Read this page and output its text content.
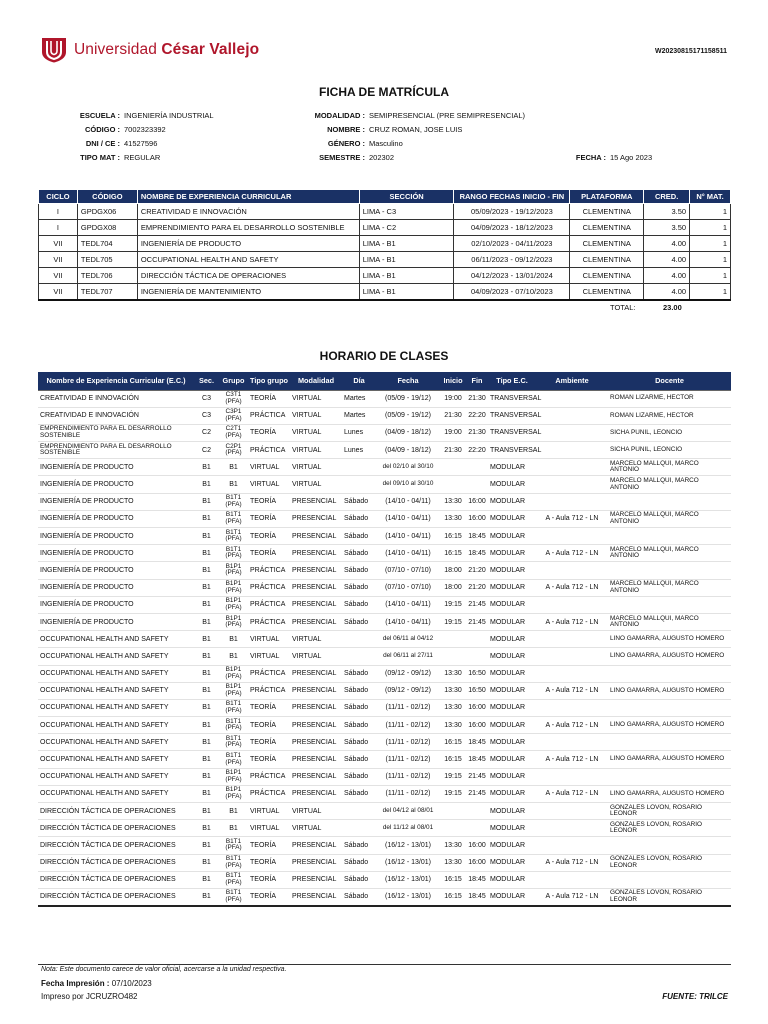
Universidad César Vallejo	W20230815171158511
FICHA DE MATRÍCULA
ESCUELA : INGENIERÍA INDUSTRIAL
CÓDIGO : 7002323392
DNI / CE : 41527596
TIPO MAT : REGULAR
MODALIDAD : SEMIPRESENCIAL (PRE SEMIPRESENCIAL)
NOMBRE : CRUZ ROMAN, JOSE LUIS
GÉNERO : Masculino
SEMESTRE : 202302	FECHA : 15 Ago 2023
CICLO	CÓDIGO	NOMBRE DE EXPERIENCIA CURRICULAR	SECCIÓN	RANGO FECHAS INICIO - FIN	PLATAFORMA	CRED.	N° MAT.
I	GPDGX06	CREATIVIDAD E INNOVACIÓN	LIMA - C3	05/09/2023 - 19/12/2023	CLEMENTINA	3.50	1
I	GPDGX08	EMPRENDIMIENTO PARA EL DESARROLLO SOSTENIBLE	LIMA - C2	04/09/2023 - 18/12/2023	CLEMENTINA	3.50	1
VII	TEDL704	INGENIERÍA DE PRODUCTO	LIMA - B1	02/10/2023 - 04/11/2023	CLEMENTINA	4.00	1
VII	TEDL705	OCCUPATIONAL HEALTH AND SAFETY	LIMA - B1	06/11/2023 - 09/12/2023	CLEMENTINA	4.00	1
VII	TEDL706	DIRECCIÓN TÁCTICA DE OPERACIONES	LIMA - B1	04/12/2023 - 13/01/2024	CLEMENTINA	4.00	1
VII	TEDL707	INGENIERÍA DE MANTENIMIENTO	LIMA - B1	04/09/2023 - 07/10/2023	CLEMENTINA	4.00	1
TOTAL:	23.00
HORARIO DE CLASES
Nombre de Experiencia Curricular (E.C.)	Sec.	Grupo	Tipo grupo	Modalidad	Día	Fecha	Inicio	Fin	Tipo E.C.	Ambiente	Docente
CREATIVIDAD E INNOVACIÓN	C3	C3T1 (PFA)	TEORÍA	VIRTUAL	Martes	(05/09 - 19/12)	19:00	21:30	TRANSVERSAL		ROMAN LIZARME, HECTOR
CREATIVIDAD E INNOVACIÓN	C3	C3P1 (PFA)	PRÁCTICA	VIRTUAL	Martes	(05/09 - 19/12)	21:30	22:20	TRANSVERSAL		ROMAN LIZARME, HECTOR
EMPRENDIMIENTO PARA EL DESARROLLO SOSTENIBLE	C2	C2T1 (PFA)	TEORÍA	VIRTUAL	Lunes	(04/09 - 18/12)	19:00	21:30	TRANSVERSAL		SICHA PUNIL, LEONCIO
EMPRENDIMIENTO PARA EL DESARROLLO SOSTENIBLE	C2	C2P1 (PFA)	PRÁCTICA	VIRTUAL	Lunes	(04/09 - 18/12)	21:30	22:20	TRANSVERSAL		SICHA PUNIL, LEONCIO
INGENIERÍA DE PRODUCTO	B1	B1	VIRTUAL	VIRTUAL		del 02/10 al 30/10			MODULAR		MARCELO MALLQUI, MARCO ANTONIO
INGENIERÍA DE PRODUCTO	B1	B1	VIRTUAL	VIRTUAL		del 09/10 al 30/10			MODULAR		MARCELO MALLQUI, MARCO ANTONIO
INGENIERÍA DE PRODUCTO	B1	B1T1 (PFA)	TEORÍA	PRESENCIAL	Sábado	(14/10 - 04/11)	13:30	16:00	MODULAR		
INGENIERÍA DE PRODUCTO	B1	B1T1 (PFA)	TEORÍA	PRESENCIAL	Sábado	(14/10 - 04/11)	13:30	16:00	MODULAR	A - Aula 712 - LN	MARCELO MALLQUI, MARCO ANTONIO
INGENIERÍA DE PRODUCTO	B1	B1T1 (PFA)	TEORÍA	PRESENCIAL	Sábado	(14/10 - 04/11)	16:15	18:45	MODULAR		
INGENIERÍA DE PRODUCTO	B1	B1T1 (PFA)	TEORÍA	PRESENCIAL	Sábado	(14/10 - 04/11)	16:15	18:45	MODULAR	A - Aula 712 - LN	MARCELO MALLQUI, MARCO ANTONIO
INGENIERÍA DE PRODUCTO	B1	B1P1 (PFA)	PRÁCTICA	PRESENCIAL	Sábado	(07/10 - 07/10)	18:00	21:20	MODULAR		
INGENIERÍA DE PRODUCTO	B1	B1P1 (PFA)	PRÁCTICA	PRESENCIAL	Sábado	(07/10 - 07/10)	18:00	21:20	MODULAR	A - Aula 712 - LN	MARCELO MALLQUI, MARCO ANTONIO
INGENIERÍA DE PRODUCTO	B1	B1P1 (PFA)	PRÁCTICA	PRESENCIAL	Sábado	(14/10 - 04/11)	19:15	21:45	MODULAR		
INGENIERÍA DE PRODUCTO	B1	B1P1 (PFA)	PRÁCTICA	PRESENCIAL	Sábado	(14/10 - 04/11)	19:15	21:45	MODULAR	A - Aula 712 - LN	MARCELO MALLQUI, MARCO ANTONIO
OCCUPATIONAL HEALTH AND SAFETY	B1	B1	VIRTUAL	VIRTUAL		del 06/11 al 04/12			MODULAR		LINO GAMARRA, AUGUSTO HOMERO
OCCUPATIONAL HEALTH AND SAFETY	B1	B1	VIRTUAL	VIRTUAL		del 06/11 al 27/11			MODULAR		LINO GAMARRA, AUGUSTO HOMERO
OCCUPATIONAL HEALTH AND SAFETY	B1	B1P1 (PFA)	PRÁCTICA	PRESENCIAL	Sábado	(09/12 - 09/12)	13:30	16:50	MODULAR		
OCCUPATIONAL HEALTH AND SAFETY	B1	B1P1 (PFA)	PRÁCTICA	PRESENCIAL	Sábado	(09/12 - 09/12)	13:30	16:50	MODULAR	A - Aula 712 - LN	LINO GAMARRA, AUGUSTO HOMERO
OCCUPATIONAL HEALTH AND SAFETY	B1	B1T1 (PFA)	TEORÍA	PRESENCIAL	Sábado	(11/11 - 02/12)	13:30	16:00	MODULAR		
OCCUPATIONAL HEALTH AND SAFETY	B1	B1T1 (PFA)	TEORÍA	PRESENCIAL	Sábado	(11/11 - 02/12)	13:30	16:00	MODULAR	A - Aula 712 - LN	LINO GAMARRA, AUGUSTO HOMERO
OCCUPATIONAL HEALTH AND SAFETY	B1	B1T1 (PFA)	TEORÍA	PRESENCIAL	Sábado	(11/11 - 02/12)	16:15	18:45	MODULAR		
OCCUPATIONAL HEALTH AND SAFETY	B1	B1T1 (PFA)	TEORÍA	PRESENCIAL	Sábado	(11/11 - 02/12)	16:15	18:45	MODULAR	A - Aula 712 - LN	LINO GAMARRA, AUGUSTO HOMERO
OCCUPATIONAL HEALTH AND SAFETY	B1	B1P1 (PFA)	PRÁCTICA	PRESENCIAL	Sábado	(11/11 - 02/12)	19:15	21:45	MODULAR		
OCCUPATIONAL HEALTH AND SAFETY	B1	B1P1 (PFA)	PRÁCTICA	PRESENCIAL	Sábado	(11/11 - 02/12)	19:15	21:45	MODULAR	A - Aula 712 - LN	LINO GAMARRA, AUGUSTO HOMERO
DIRECCIÓN TÁCTICA DE OPERACIONES	B1	B1	VIRTUAL	VIRTUAL		del 04/12 al 08/01			MODULAR		GONZALES LOVON, ROSARIO LEONOR
DIRECCIÓN TÁCTICA DE OPERACIONES	B1	B1	VIRTUAL	VIRTUAL		del 11/12 al 08/01			MODULAR		GONZALES LOVON, ROSARIO LEONOR
DIRECCIÓN TÁCTICA DE OPERACIONES	B1	B1T1 (PFA)	TEORÍA	PRESENCIAL	Sábado	(16/12 - 13/01)	13:30	16:00	MODULAR		
DIRECCIÓN TÁCTICA DE OPERACIONES	B1	B1T1 (PFA)	TEORÍA	PRESENCIAL	Sábado	(16/12 - 13/01)	13:30	16:00	MODULAR	A - Aula 712 - LN	GONZALES LOVON, ROSARIO LEONOR
DIRECCIÓN TÁCTICA DE OPERACIONES	B1	B1T1 (PFA)	TEORÍA	PRESENCIAL	Sábado	(16/12 - 13/01)	16:15	18:45	MODULAR		
DIRECCIÓN TÁCTICA DE OPERACIONES	B1	B1T1 (PFA)	TEORÍA	PRESENCIAL	Sábado	(16/12 - 13/01)	16:15	18:45	MODULAR	A - Aula 712 - LN	GONZALES LOVON, ROSARIO LEONOR
Nota: Este documento carece de valor oficial, acercarse a la unidad respectiva.
Fecha Impresión : 07/10/2023
Impreso por JCRUZRO482	FUENTE: TRILCE
